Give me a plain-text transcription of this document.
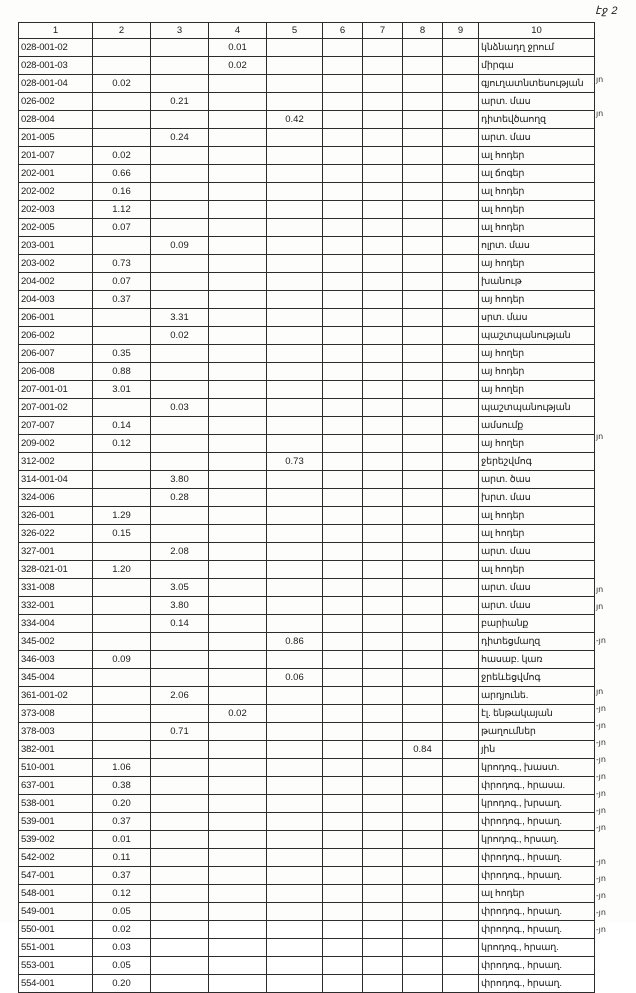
էջ 2
1	2	3	4	5	6	7	8	9	10
028-001-02			0.01						կնձնադղ ջրում
028-001-03			0.02						միրգա
028-001-04	0.02								գյուղատնտեսության
026-002		0.21							արտ. մաս
028-004				0.42					դիտեվծաողզ
201-005		0.24							արտ. մաս
201-007	0.02								ալ հոդեր
202-001	0.66								ալ ճոգեր
202-002	0.16								ալ հոդեր
202-003	1.12								ալ հոդեր
202-005	0.07								ալ հոդեր
203-001		0.09							ոլրտ. մաս
203-002	0.73								այ հոդեր
204-002	0.07								խանութ
204-003	0.37								այ հոդեր
206-001		3.31							սրտ. մաս
206-002		0.02							պաշտպանության
206-007	0.35								այ հողեր
206-008	0.88								այ հոդեր
207-001-01	3.01								այ հողեր
207-001-02		0.03							պաշտպանության
207-007	0.14								ամսումք
209-002	0.12								այ հողեր
312-002				0.73					ջերեշվմոգ
314-001-04		3.80							արտ. ծաս
324-006		0.28							խրտ. մաս
326-001	1.29								ալ հոդեր
326-022	0.15								ալ հոդեր
327-001		2.08							արտ. մաս
328-021-01	1.20								ալ հոդեր
331-008		3.05							արտ. մաս
332-001		3.80							արտ. մաս
334-004		0.14							բարիանք
345-002				0.86					դիտեցմաղզ
346-003	0.09								հասաբ. կառ
345-004				0.06					ջրեևեցվմոգ
361-001-02		2.06							արդյունե.
373-008			0.02						էլ. ենթակայան
378-003		0.71							թաղումներ
382-001							0.84		յին
510-001	1.06								կրոդոգ., խաստ.
637-001	0.38								փրոդոգ., հրասա.
538-001	0.20								կրոդոգ., խրսաղ.
539-001	0.37								փրոդոգ., հրսաղ.
539-002	0.01								կրոդոգ., հրսաղ.
542-002	0.11								փրոդոգ., հրսաղ.
547-001	0.37								փրոդոգ., հրսաղ.
548-001	0.12								ալ հոդեր
549-001	0.05								փրոդոգ., հրսաղ.
550-001	0.02								փրոդոգ., հրսաղ.
551-001	0.03								կրոդոգ., հրսաղ.
553-001	0.05								փրոդոգ., հրսաղ.
554-001	0.20								փրոդոգ., հրսաղ.
յո
յո
յո
յո
յո
-յո
յո
-յո
-յո
-յո
-յո
-յո
-յո
-յո
-յո
-յո
-յո
-յո
-յո
-յո
